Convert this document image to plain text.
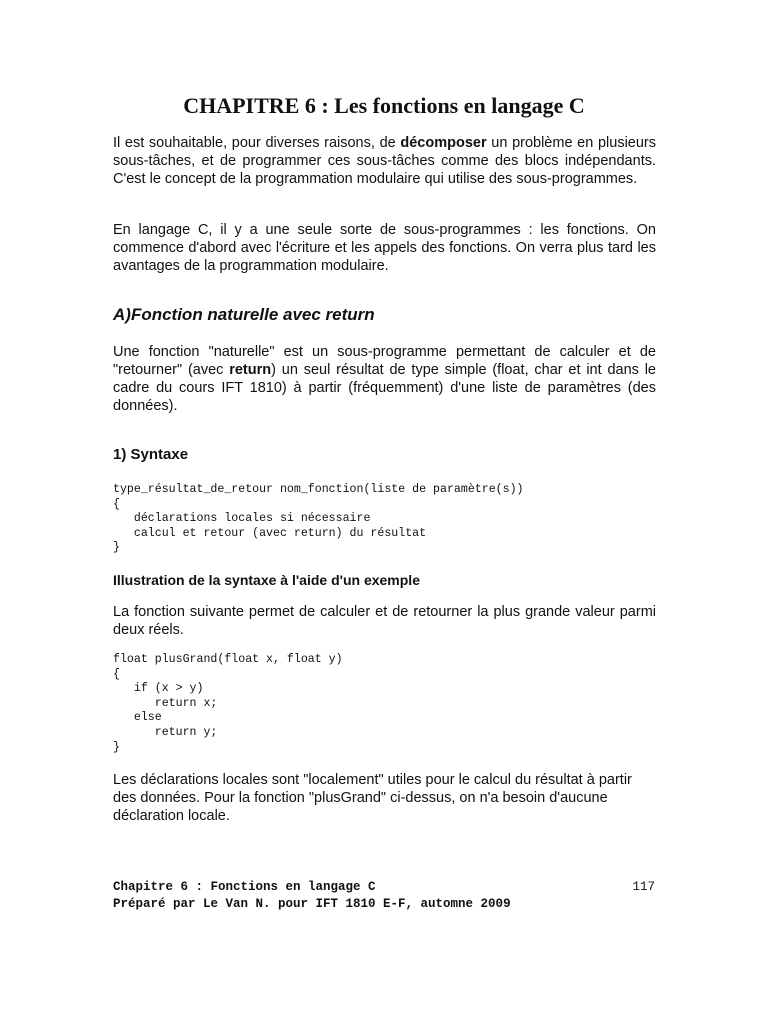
CHAPITRE 6 : Les fonctions en langage C

Il est souhaitable, pour diverses raisons, de décomposer un problème en plusieurs sous-tâches, et de programmer ces sous-tâches comme des blocs indépendants. C'est le concept de la programmation modulaire qui utilise des sous-programmes.

En langage C, il y a une seule sorte de sous-programmes : les fonctions. On commence d'abord avec l'écriture et les appels des fonctions. On verra plus tard les avantages de la programmation modulaire.

A)Fonction naturelle avec return

Une fonction "naturelle" est un sous-programme permettant de calculer et de "retourner" (avec return) un seul résultat de type simple (float, char et int dans le cadre du cours IFT 1810) à partir (fréquemment) d'une liste de paramètres (des données).

1) Syntaxe
type_résultat_de_retour nom_fonction(liste de paramètre(s))
{
déclarations locales si nécessaire
calcul et retour (avec return) du résultat
}
Illustration de la syntaxe à l'aide d'un exemple

La fonction suivante permet de calculer et de retourner la plus grande valeur parmi deux réels.

float plusGrand(float x, float y)
{
if (x > y)
return x;
else
return y;
}

Les déclarations locales sont "localement" utiles pour le calcul du résultat à partir des données. Pour la fonction "plusGrand" ci-dessus, on n'a besoin d'aucune déclaration locale.

Chapitre 6 : Fonctions en langage C
Préparé par Le Van N. pour IFT 1810 E-F, automne 2009
117
